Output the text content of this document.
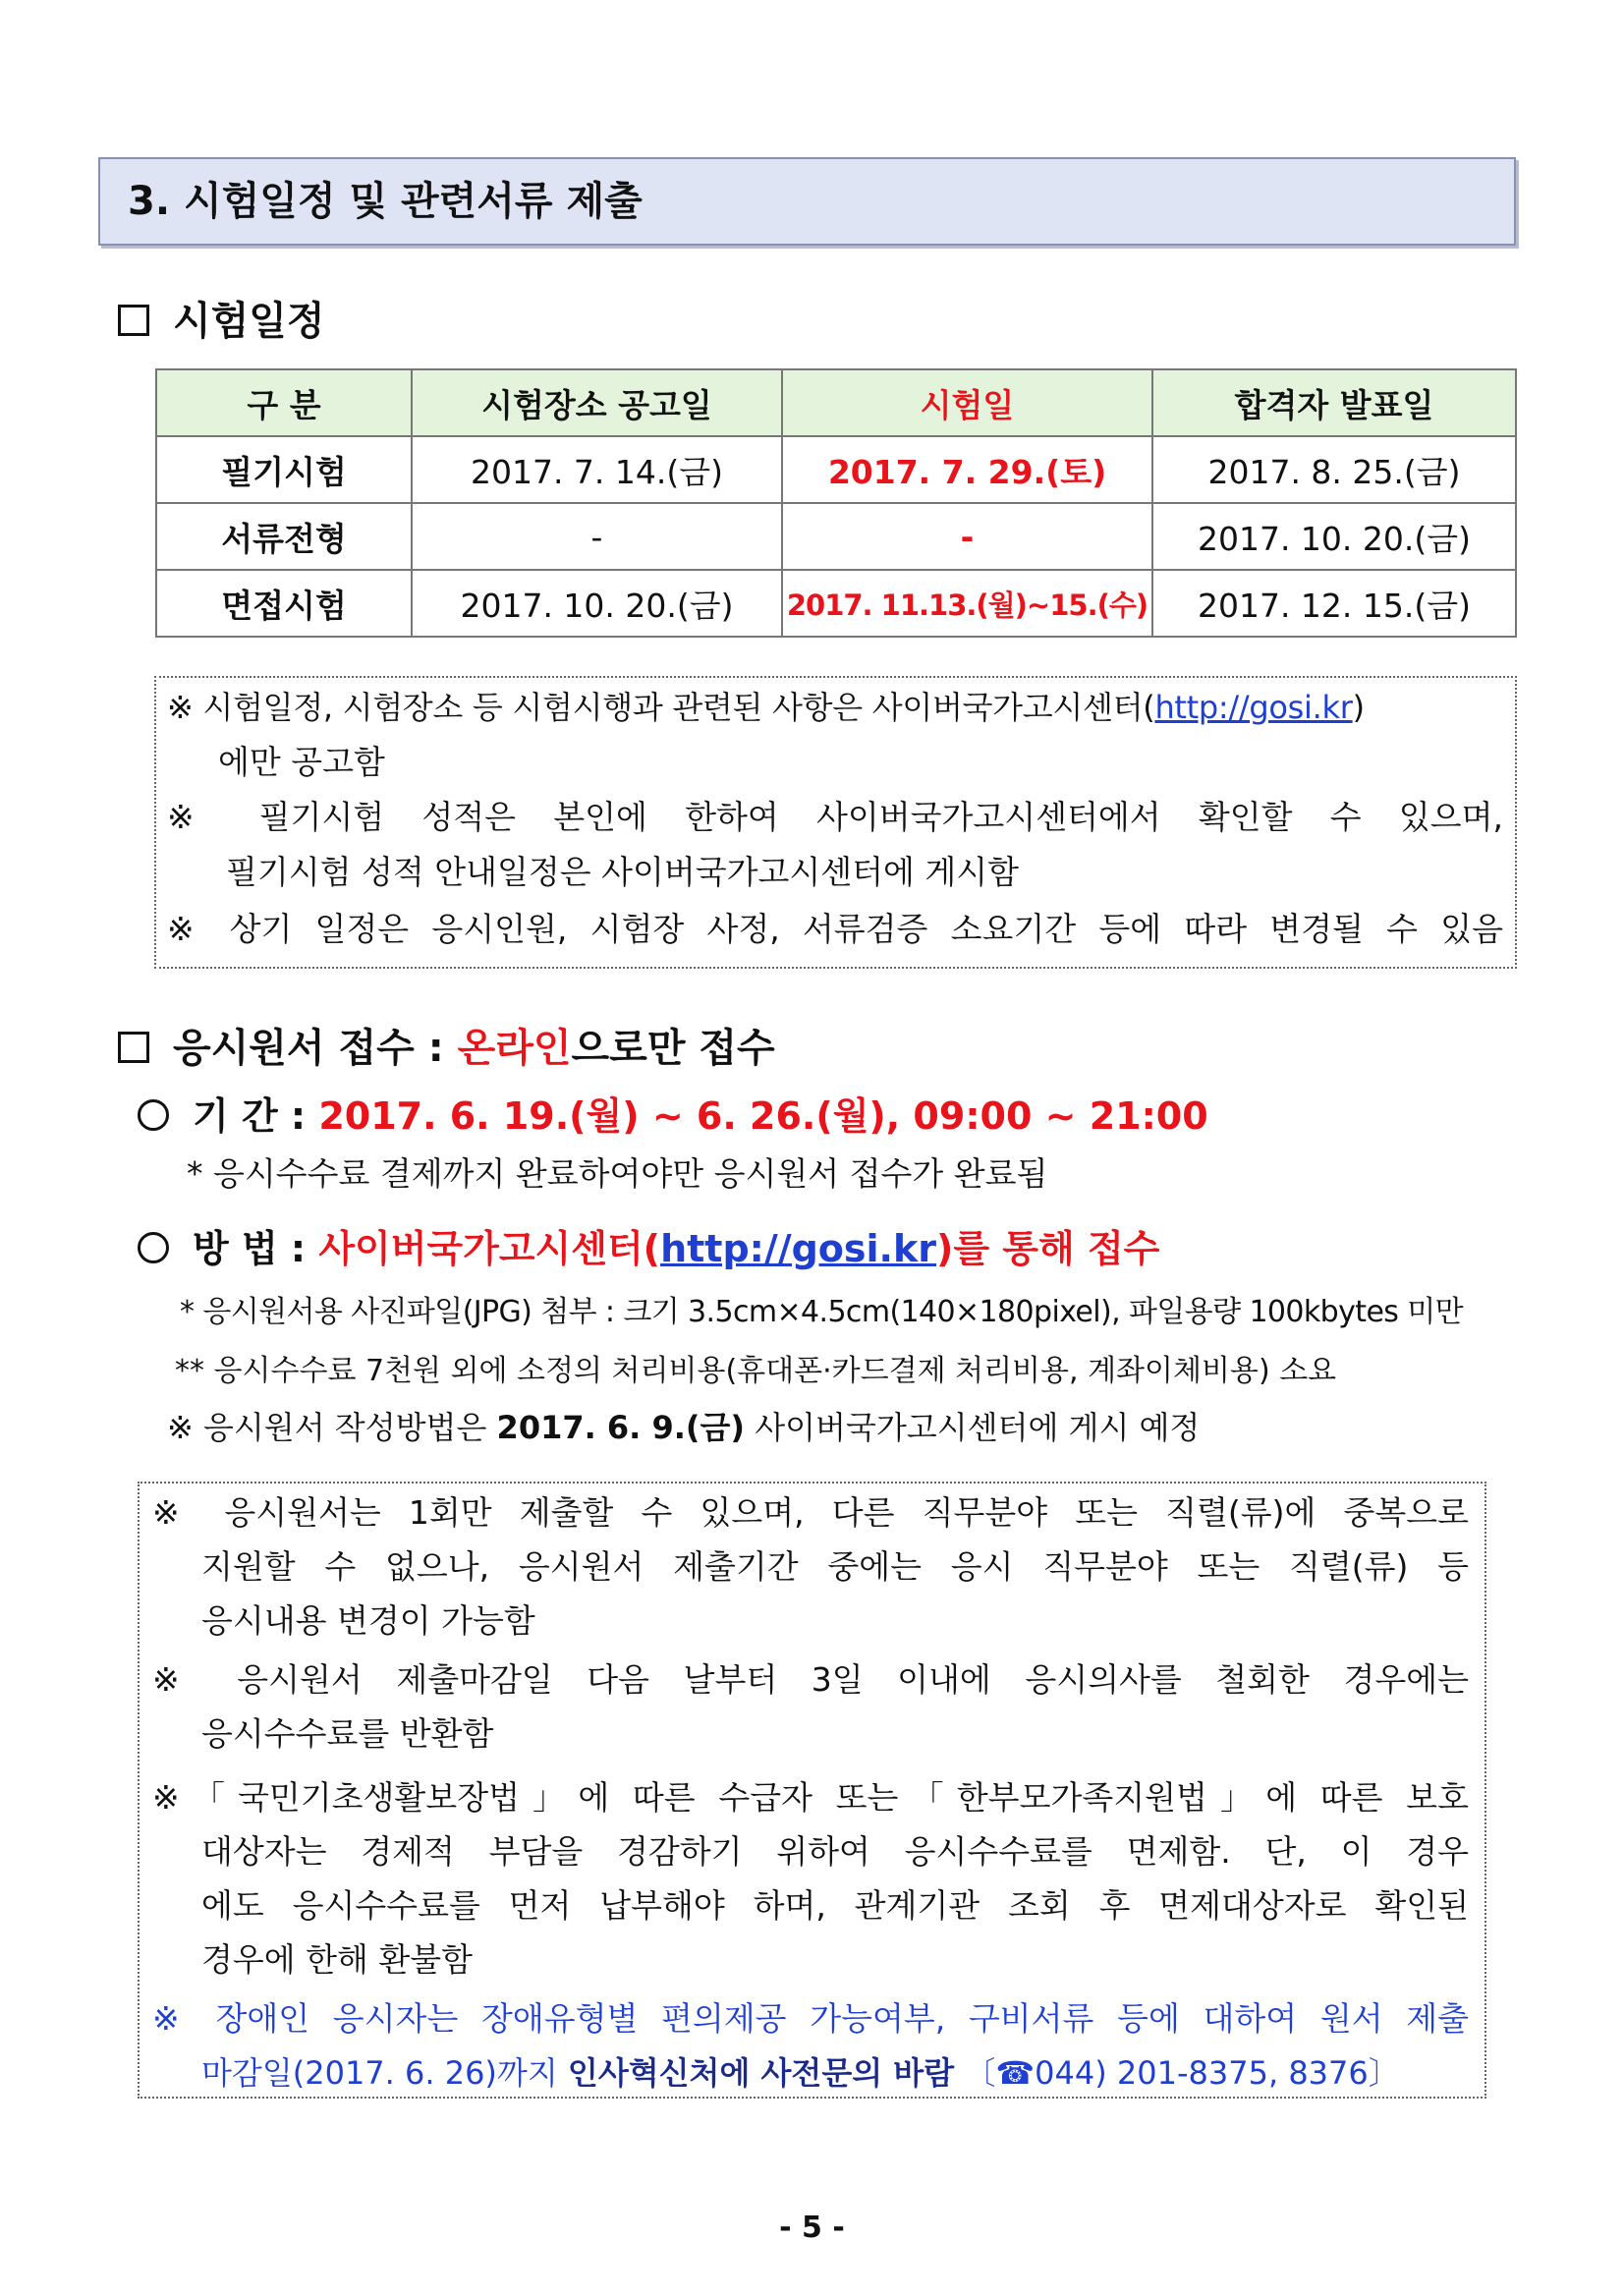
3. 시험일정 및 관련서류 제출
시험일정
구 분	시험장소 공고일	시험일	합격자 발표일
필기시험	2017. 7. 14.(금)	2017. 7. 29.(토)	2017. 8. 25.(금)
서류전형	-	-	2017. 10. 20.(금)
면접시험	2017. 10. 20.(금)	2017. 11.13.(월)~15.(수)	2017. 12. 15.(금)
※ 시험일정, 시험장소 등 시험시행과 관련된 사항은 사이버국가고시센터(http://gosi.kr)
에만 공고함
※ 필기시험 성적은 본인에 한하여 사이버국가고시센터에서 확인할 수 있으며,
필기시험 성적 안내일정은 사이버국가고시센터에 게시함
※ 상기 일정은 응시인원, 시험장 사정, 서류검증 소요기간 등에 따라 변경될 수 있음
응시원서 접수 : 온라인으로만 접수
기 간 : 2017. 6. 19.(월) ~ 6. 26.(월), 09:00 ~ 21:00
* 응시수수료 결제까지 완료하여야만 응시원서 접수가 완료됨
방 법 : 사이버국가고시센터(http://gosi.kr)를 통해 접수
* 응시원서용 사진파일(JPG) 첨부 : 크기 3.5cm×4.5cm(140×180pixel), 파일용량 100kbytes 미만
** 응시수수료 7천원 외에 소정의 처리비용(휴대폰·카드결제 처리비용, 계좌이체비용) 소요
※ 응시원서 작성방법은 2017. 6. 9.(금) 사이버국가고시센터에 게시 예정
※ 응시원서는 1회만 제출할 수 있으며, 다른 직무분야 또는 직렬(류)에 중복으로
지원할 수 없으나, 응시원서 제출기간 중에는 응시 직무분야 또는 직렬(류) 등
응시내용 변경이 가능함
※ 응시원서 제출마감일 다음 날부터 3일 이내에 응시의사를 철회한 경우에는
응시수수료를 반환함
※「국민기초생활보장법」에 따른 수급자 또는「한부모가족지원법」에 따른 보호
대상자는 경제적 부담을 경감하기 위하여 응시수수료를 면제함. 단, 이 경우
에도 응시수수료를 먼저 납부해야 하며, 관계기관 조회 후 면제대상자로 확인된
경우에 한해 환불함
※ 장애인 응시자는 장애유형별 편의제공 가능여부, 구비서류 등에 대하여 원서 제출
마감일(2017. 6. 26)까지 인사혁신처에 사전문의 바람 〔☎044) 201-8375, 8376〕
- 5 -
